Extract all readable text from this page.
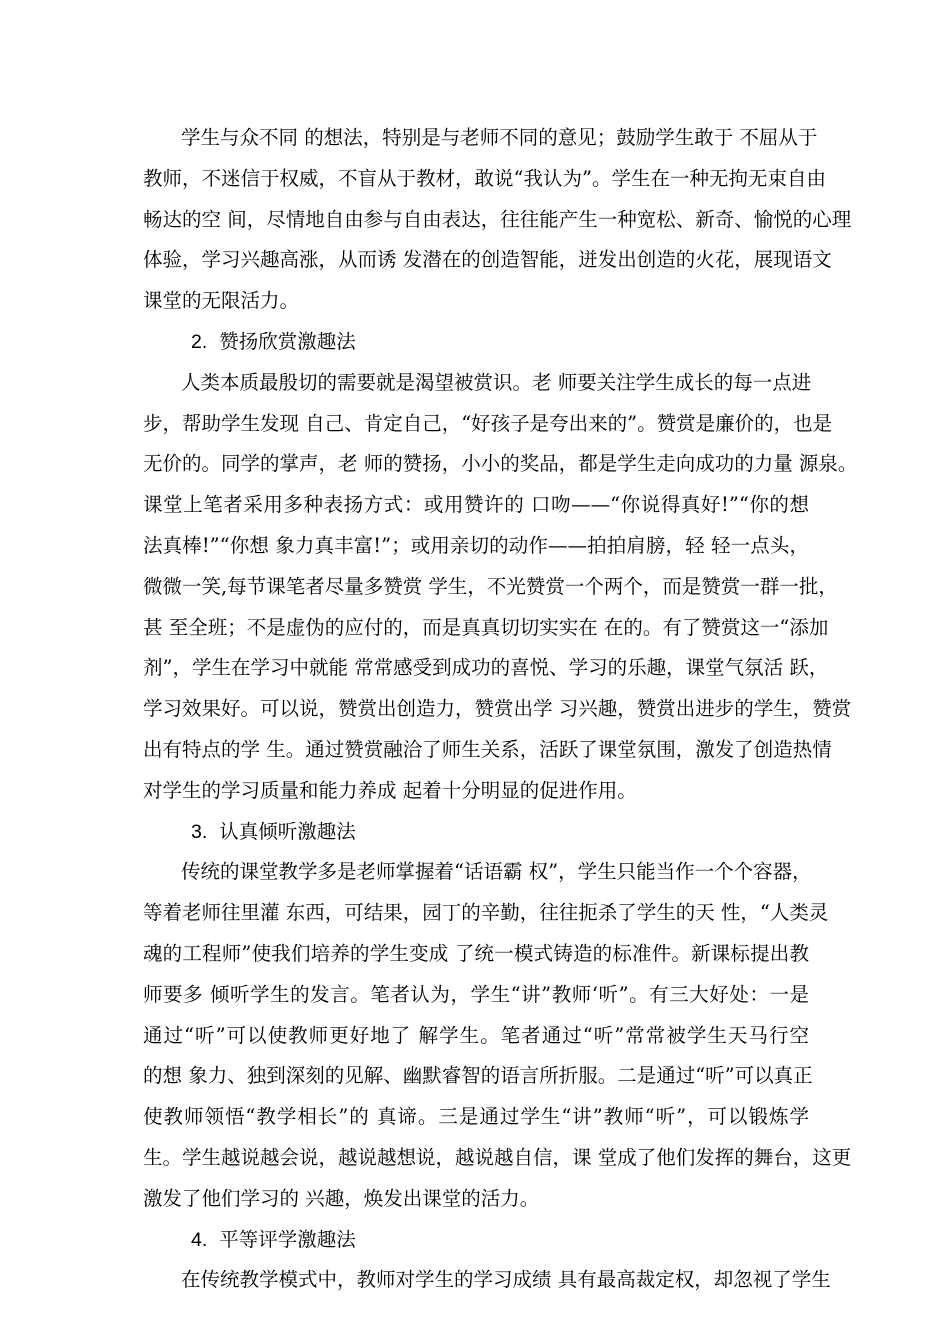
学生与众不同 的想法，特别是与老师不同的意见；鼓励学生敢于 不屈从于
教师，不迷信于权威，不盲从于教材，敢说“我认为”。学生在一种无拘无束自由
畅达的空 间，尽情地自由参与自由表达，往往能产生一种宽松、新奇、愉悦的心理
体验，学习兴趣高涨，从而诱 发潜在的创造智能，迸发出创造的火花，展现语文
课堂的无限活力。
2. 赞扬欣赏激趣法
人类本质最殷切的需要就是渴望被赏识。老 师要关注学生成长的每一点进
步，帮助学生发现 自己、肯定自己，“好孩子是夸出来的”。赞赏是廉价的，也是
无价的。同学的掌声，老 师的赞扬，小小的奖品，都是学生走向成功的力量 源泉。
课堂上笔者采用多种表扬方式：或用赞许的 口吻——“你说得真好!”“你的想
法真棒!”“你想 象力真丰富!”；或用亲切的动作——拍拍肩膀，轻 轻一点头，
微微一笑,每节课笔者尽量多赞赏 学生，不光赞赏一个两个，而是赞赏一群一批，
甚 至全班；不是虚伪的应付的，而是真真切切实实在 在的。有了赞赏这一“添加
剂”，学生在学习中就能 常常感受到成功的喜悦、学习的乐趣，课堂气氛活 跃，
学习效果好。可以说，赞赏出创造力，赞赏出学 习兴趣，赞赏出进步的学生，赞赏
出有特点的学 生。通过赞赏融洽了师生关系，活跃了课堂氛围，激发了创造热情
对学生的学习质量和能力养成 起着十分明显的促进作用。
3. 认真倾听激趣法
传统的课堂教学多是老师掌握着“话语霸 权”，学生只能当作一个个容器，
等着老师往里灌 东西，可结果，园丁的辛勤，往往扼杀了学生的天 性，“人类灵
魂的工程师”使我们培养的学生变成 了统一模式铸造的标准件。新课标提出教
师要多 倾听学生的发言。笔者认为，学生“讲”教师‘听”。有三大好处：一是
通过“听”可以使教师更好地了 解学生。笔者通过“听”常常被学生天马行空
的想 象力、独到深刻的见解、幽默睿智的语言所折服。二是通过“听”可以真正
使教师领悟“教学相长”的 真谛。三是通过学生“讲”教师“听”，可以锻炼学
生。学生越说越会说，越说越想说，越说越自信，课 堂成了他们发挥的舞台，这更
激发了他们学习的 兴趣，焕发出课堂的活力。
4. 平等评学激趣法
在传统教学模式中，教师对学生的学习成绩 具有最高裁定权，却忽视了学生
